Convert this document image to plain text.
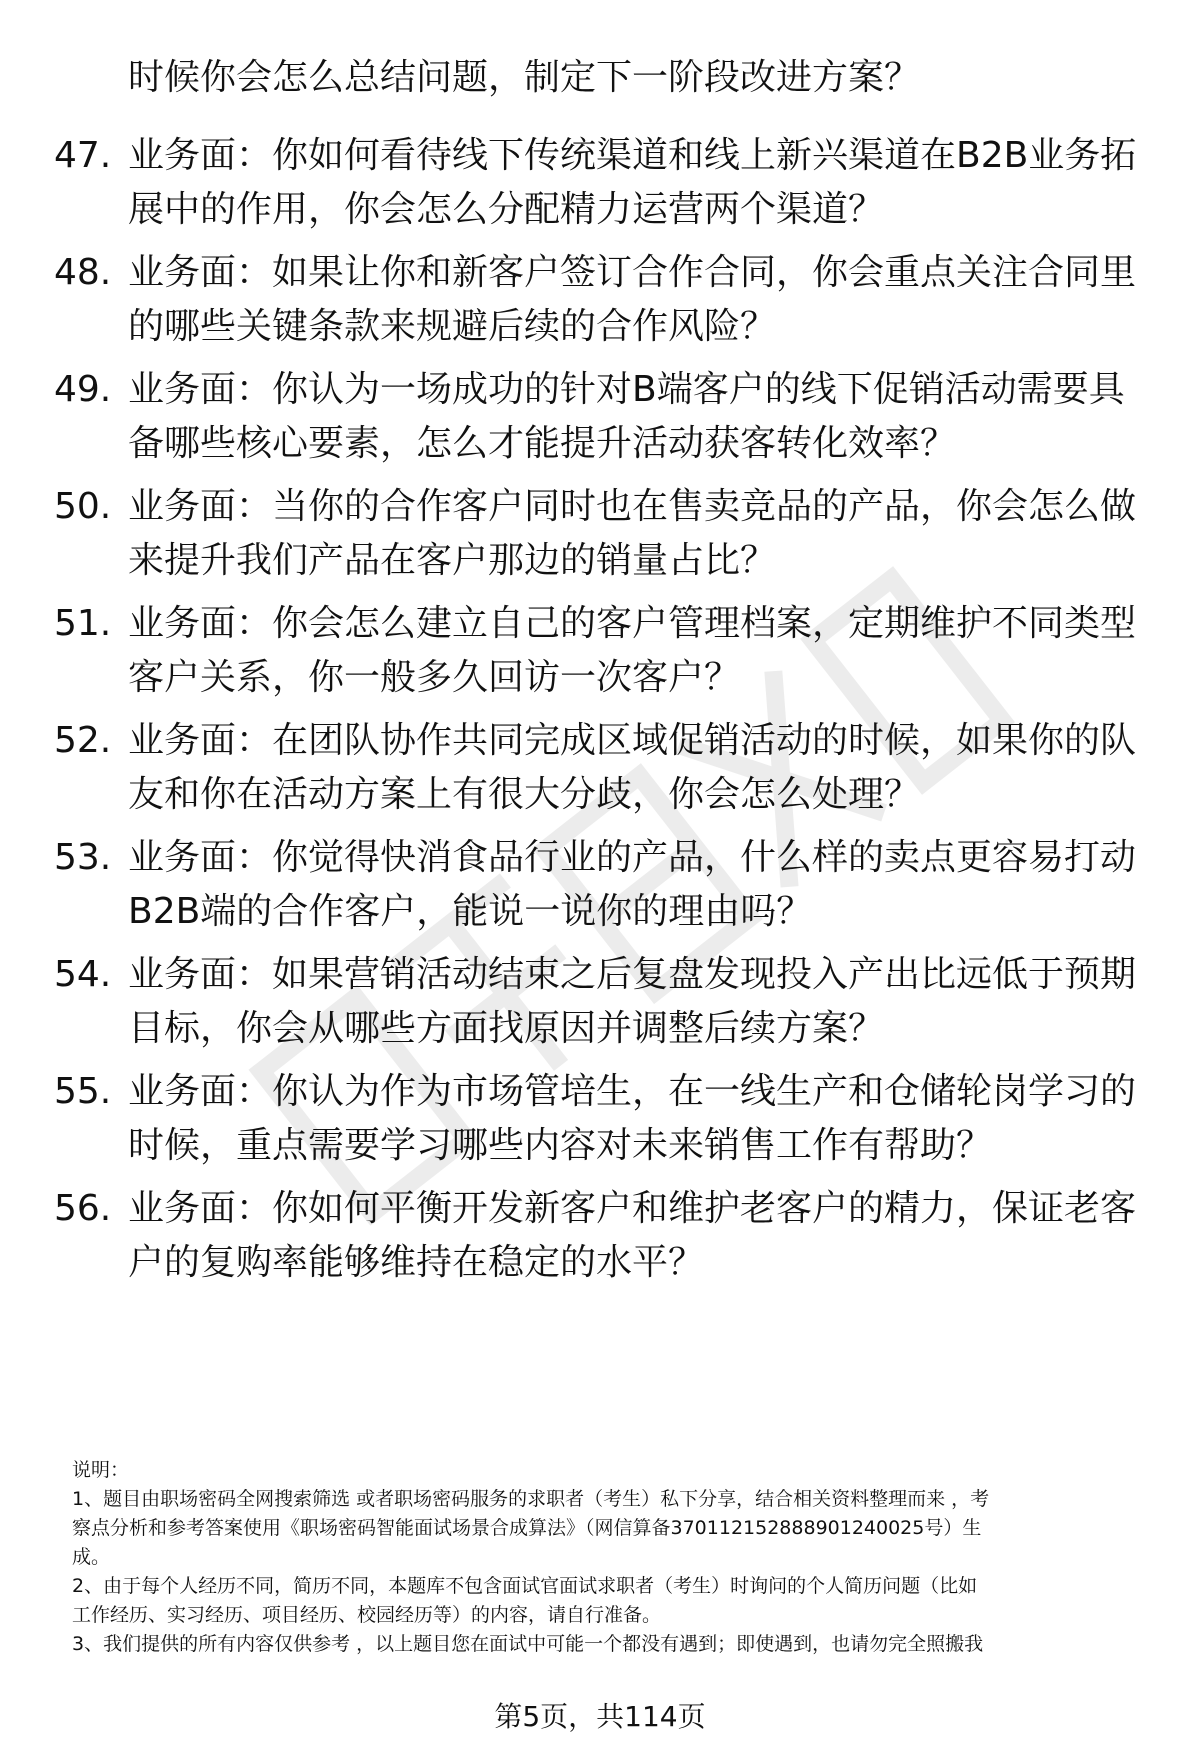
时候你会怎么总结问题，制定下一阶段改进方案？
47. 业务面：你如何看待线下传统渠道和线上新兴渠道在B2B业务拓
展中的作用，你会怎么分配精力运营两个渠道？
48. 业务面：如果让你和新客户签订合作合同，你会重点关注合同里
的哪些关键条款来规避后续的合作风险？
49. 业务面：你认为一场成功的针对B端客户的线下促销活动需要具
备哪些核心要素，怎么才能提升活动获客转化效率？
50. 业务面：当你的合作客户同时也在售卖竞品的产品，你会怎么做
来提升我们产品在客户那边的销量占比？
51. 业务面：你会怎么建立自己的客户管理档案，定期维护不同类型
客户关系，你一般多久回访一次客户？
52. 业务面：在团队协作共同完成区域促销活动的时候，如果你的队
友和你在活动方案上有很大分歧，你会怎么处理？
53. 业务面：你觉得快消食品行业的产品，什么样的卖点更容易打动
B2B端的合作客户，能说一说你的理由吗？
54. 业务面：如果营销活动结束之后复盘发现投入产出比远低于预期
目标，你会从哪些方面找原因并调整后续方案？
55. 业务面：你认为作为市场管培生，在一线生产和仓储轮岗学习的
时候，重点需要学习哪些内容对未来销售工作有帮助？
56. 业务面：你如何平衡开发新客户和维护老客户的精力，保证老客
户的复购率能够维持在稳定的水平？
说明：
1、题目由职场密码全网搜索筛选 或者职场密码服务的求职者（考生）私下分享，结合相关资料整理而来 ，考
察点分析和参考答案使用《职场密码智能面试场景合成算法》（网信算备370112152888901240025号）生
成。
2、由于每个人经历不同，简历不同，本题库不包含面试官面试求职者（考生）时询问的个人简历问题（比如
工作经历、实习经历、项目经历、校园经历等）的内容，请自行准备。
3、我们提供的所有内容仅供参考 ，以上题目您在面试中可能一个都没有遇到；即使遇到，也请勿完全照搬我
第5页，共114页
